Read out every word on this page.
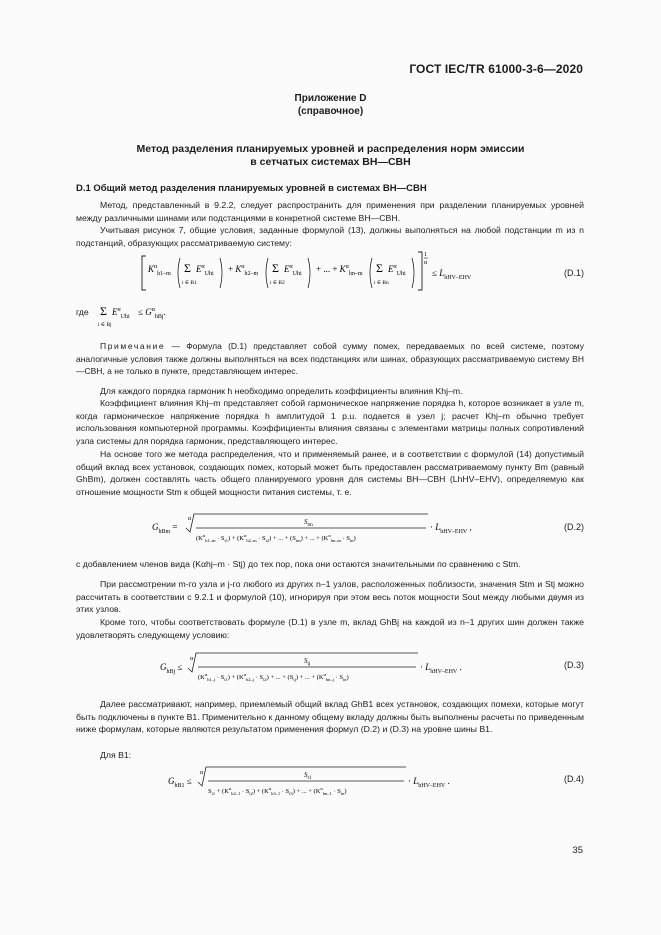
ГОСТ IEC/TR 61000-3-6—2020
Приложение D
(справочное)
Метод разделения планируемых уровней и распределения норм эмиссии
в сетчатых системах ВН—СВН
D.1 Общий метод разделения планируемых уровней в системах ВН—СВН
Метод, представленный в 9.2.2, следует распространить для применения при разделении планируемых уровней между различными шинами или подстанциями в конкретной системе ВН—СВН.
Учитывая рисунок 7, общие условия, заданные формулой (13), должны выполняться на любой подстанции m из n подстанций, образующих рассматриваемую систему:
$K^\alpha_{h1-m}$ Σ
i ∈ B1
$E^\alpha_{Uhi} + K^\alpha_{h2-m}$ Σ
i ∈ B2
$E^\alpha_{Uhi}$ + ... + $K^\alpha_{hn-m}$ Σ
i ∈ Bn
$E^\alpha_{Uhi}$
1
α
≤ $L_{hHV-EHV}$	(D.1)
где Σ
i ∈ Bj
$E^\alpha_{Uhi} \le G^\alpha_{hBj}$.
Примечание — Формула (D.1) представляет собой сумму помех, передаваемых по всей системе, поэтому аналогичные условия также должны выполняться на всех подстанциях или шинах, образующих рассматриваемую систему ВН—СВН, а не только в пункте, представляющем интерес.
Для каждого порядка гармоник h необходимо определить коэффициенты влияния Khj–m.
Коэффициент влияния Khj–m представляет собой гармоническое напряжение порядка h, которое возникает в узле m, когда гармоническое напряжение порядка h амплитудой 1 p.u. подается в узел j; расчет Khj–m обычно требует использования компьютерной программы. Коэффициенты влияния связаны с элементами матрицы полных сопротивлений узла системы для порядка гармоник, представляющего интерес.
На основе того же метода распределения, что и применяемый ранее, и в соответствии с формулой (14) допустимый общий вклад всех установок, создающих помех, который может быть предоставлен рассматриваемому пункту Bm (равный GhBm), должен составлять часть общего планируемого уровня для системы ВН—СВН (LhHV–EHV), определяемую как отношение мощности Stm к общей мощности питания системы, т. е.
$G_{hBm}$ =
α	$S_{tm}$
$(K^\alpha_{h1-m} \cdot S_{t1}) + (K^\alpha_{h2-m} \cdot S_{t2})$ + ... + $(S_{tm})$ + ... + $(K^\alpha_{hn-m} \cdot S_{tn})$
· $L_{hHV-EHV}$ ,	(D.2)
с добавлением членов вида (Kαhj–m · Stj) до тех пор, пока они остаются значительными по сравнению с Stm.
При рассмотрении m-го узла и j-го любого из других n–1 узлов, расположенных поблизости, значения Stm и Stj можно рассчитать в соответствии с 9.2.1 и формулой (10), игнорируя при этом весь поток мощности Sout между любыми двумя из этих узлов.
Кроме того, чтобы соответствовать формуле (D.1) в узле m, вклад GhBj на каждой из n–1 других шин должен также удовлетворять следующему условию:
$G_{hBj}$ ≤
α	$S_{tj}$
$(K^\alpha_{h1-j} \cdot S_{t1}) + (K^\alpha_{h2-j} \cdot S_{t2})$ + ... + $(S_{tj})$ + ... + $(K^\alpha_{hn-j} \cdot S_{tn})$
· $L_{hHV-EHV}$ .	(D.3)
Далее рассматривают, например, приемлемый общий вклад GhB1 всех установок, создающих помехи, которые могут быть подключены в пункте B1. Применительно к данному общему вкладу должны быть выполнены расчеты по приведенным ниже формулам, которые являются результатом применения формул (D.2) и (D.3) на уровне шины B1.
Для B1:
$G_{hB1}$ ≤
α	$S_{t1}$
$S_{t1} + (K^\alpha_{h2-1} \cdot S_{t2}) + (K^\alpha_{h3-1} \cdot S_{t3})$ + ... + $(K^\alpha_{hn-1} \cdot S_{tn})$
· $L_{hHV-EHV}$ .	(D.4)
35
